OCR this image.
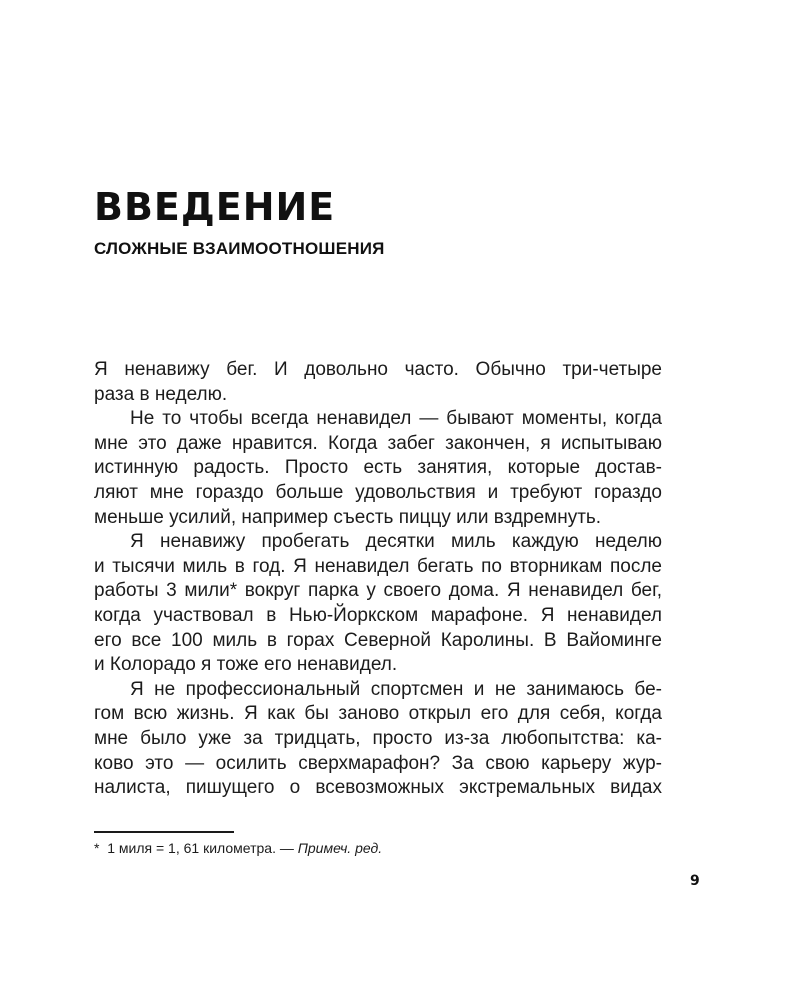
ВВЕДЕНИЕ
СЛОЖНЫЕ ВЗАИМООТНОШЕНИЯ
Я ненавижу бег. И довольно часто. Обычно три-четыре
раза в неделю.
Не то чтобы всегда ненавидел — бывают моменты, когда
мне это даже нравится. Когда забег закончен, я испытываю
истинную радость. Просто есть занятия, которые достав-
ляют мне гораздо больше удовольствия и требуют гораздо
меньше усилий, например съесть пиццу или вздремнуть.
Я ненавижу пробегать десятки миль каждую неделю
и тысячи миль в год. Я ненавидел бегать по вторникам после
работы 3 мили* вокруг парка у своего дома. Я ненавидел бег,
когда участвовал в Нью-Йоркском марафоне. Я ненавидел
его все 100 миль в горах Северной Каролины. В Вайоминге
и Колорадо я тоже его ненавидел.
Я не профессиональный спортсмен и не занимаюсь бе-
гом всю жизнь. Я как бы заново открыл его для себя, когда
мне было уже за тридцать, просто из-за любопытства: ка-
ково это — осилить сверхмарафон? За свою карьеру жур-
налиста, пишущего о всевозможных экстремальных видах
* 1 миля = 1, 61 километра. — Примеч. ред.
9
